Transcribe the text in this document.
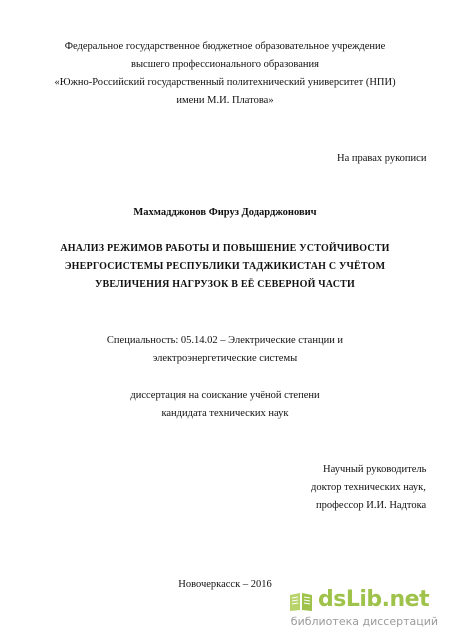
Федеральное государственное бюджетное образовательное учреждение
высшего профессионального образования
«Южно-Российский государственный политехнический университет (НПИ)
имени М.И. Платова»
На правах рукописи
Махмадджонов Фируз Додарджонович
АНАЛИЗ РЕЖИМОВ РАБОТЫ И ПОВЫШЕНИЕ УСТОЙЧИВОСТИ
ЭНЕРГОСИСТЕМЫ РЕСПУБЛИКИ ТАДЖИКИСТАН С УЧЁТОМ
УВЕЛИЧЕНИЯ НАГРУЗОК В ЕЁ СЕВЕРНОЙ ЧАСТИ
Специальность: 05.14.02 – Электрические станции и
электроэнергетические системы
диссертация на соискание учёной степени
кандидата технических наук
Научный руководитель
доктор технических наук,
профессор И.И. Надтока
Новочеркасск – 2016
dsLib.net
библиотека диссертаций
